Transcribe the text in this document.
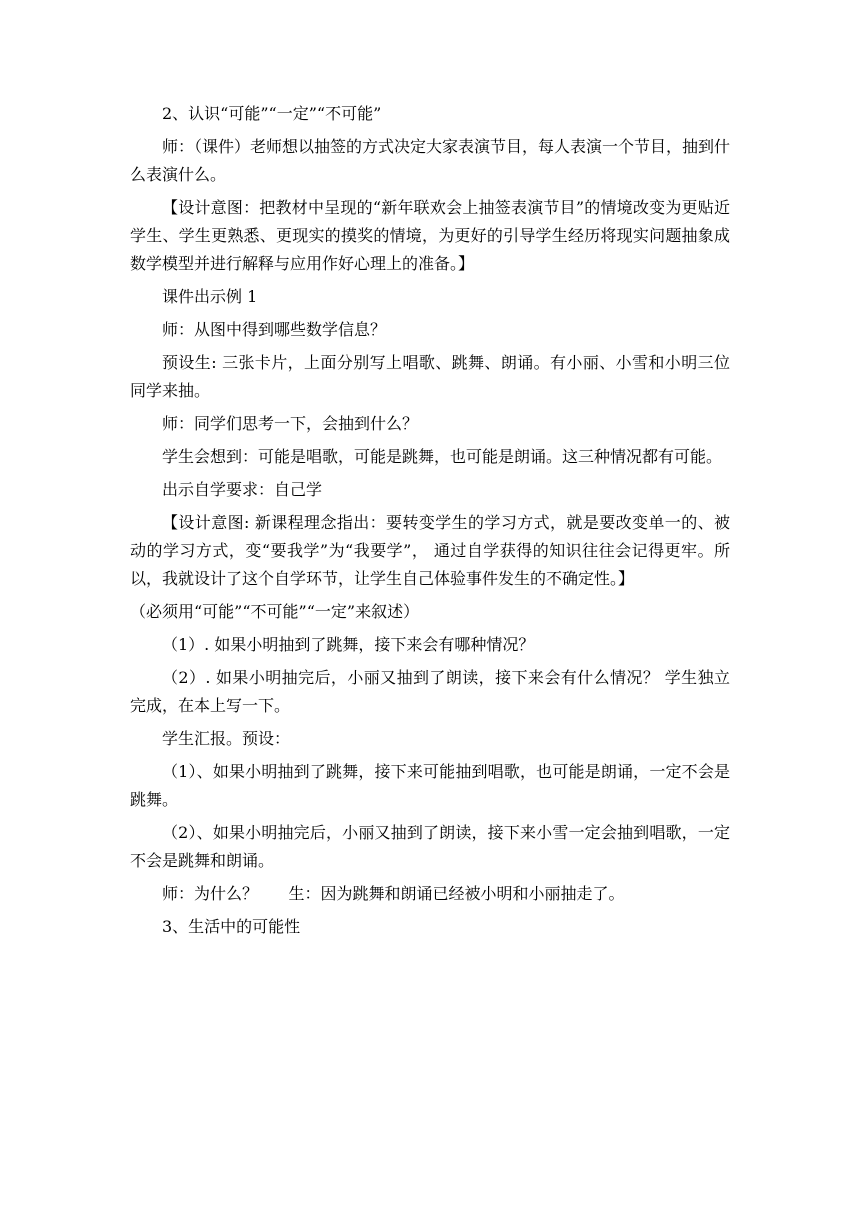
2、认识“可能”“一定”“不可能”

师：（课件）老师想以抽签的方式决定大家表演节目，每人表演一个节目，抽到什么表演什么。

【设计意图：把教材中呈现的“新年联欢会上抽签表演节目”的情境改变为更贴近学生、学生更熟悉、更现实的摸奖的情境，为更好的引导学生经历将现实问题抽象成数学模型并进行解释与应用作好心理上的准备。】

课件出示例 1

师：从图中得到哪些数学信息？

预设生: 三张卡片，上面分别写上唱歌、跳舞、朗诵。有小丽、小雪和小明三位同学来抽。

师：同学们思考一下，会抽到什么？

学生会想到：可能是唱歌，可能是跳舞，也可能是朗诵。这三种情况都有可能。

出示自学要求：自己学

【设计意图: 新课程理念指出：要转变学生的学习方式，就是要改变单一的、被动的学习方式，变“要我学”为“我要学”， 通过自学获得的知识往往会记得更牢。所以，我就设计了这个自学环节，让学生自己体验事件发生的不确定性。】

（必须用“可能”“不可能”“一定”来叙述）

（1）. 如果小明抽到了跳舞，接下来会有哪种情况？

（2）. 如果小明抽完后，小丽又抽到了朗读，接下来会有什么情况？ 学生独立完成，在本上写一下。

学生汇报。预设：

（1）、如果小明抽到了跳舞，接下来可能抽到唱歌，也可能是朗诵，一定不会是跳舞。

（2）、如果小明抽完后，小丽又抽到了朗读，接下来小雪一定会抽到唱歌，一定不会是跳舞和朗诵。

师：为什么？      生：因为跳舞和朗诵已经被小明和小丽抽走了。

3、生活中的可能性
